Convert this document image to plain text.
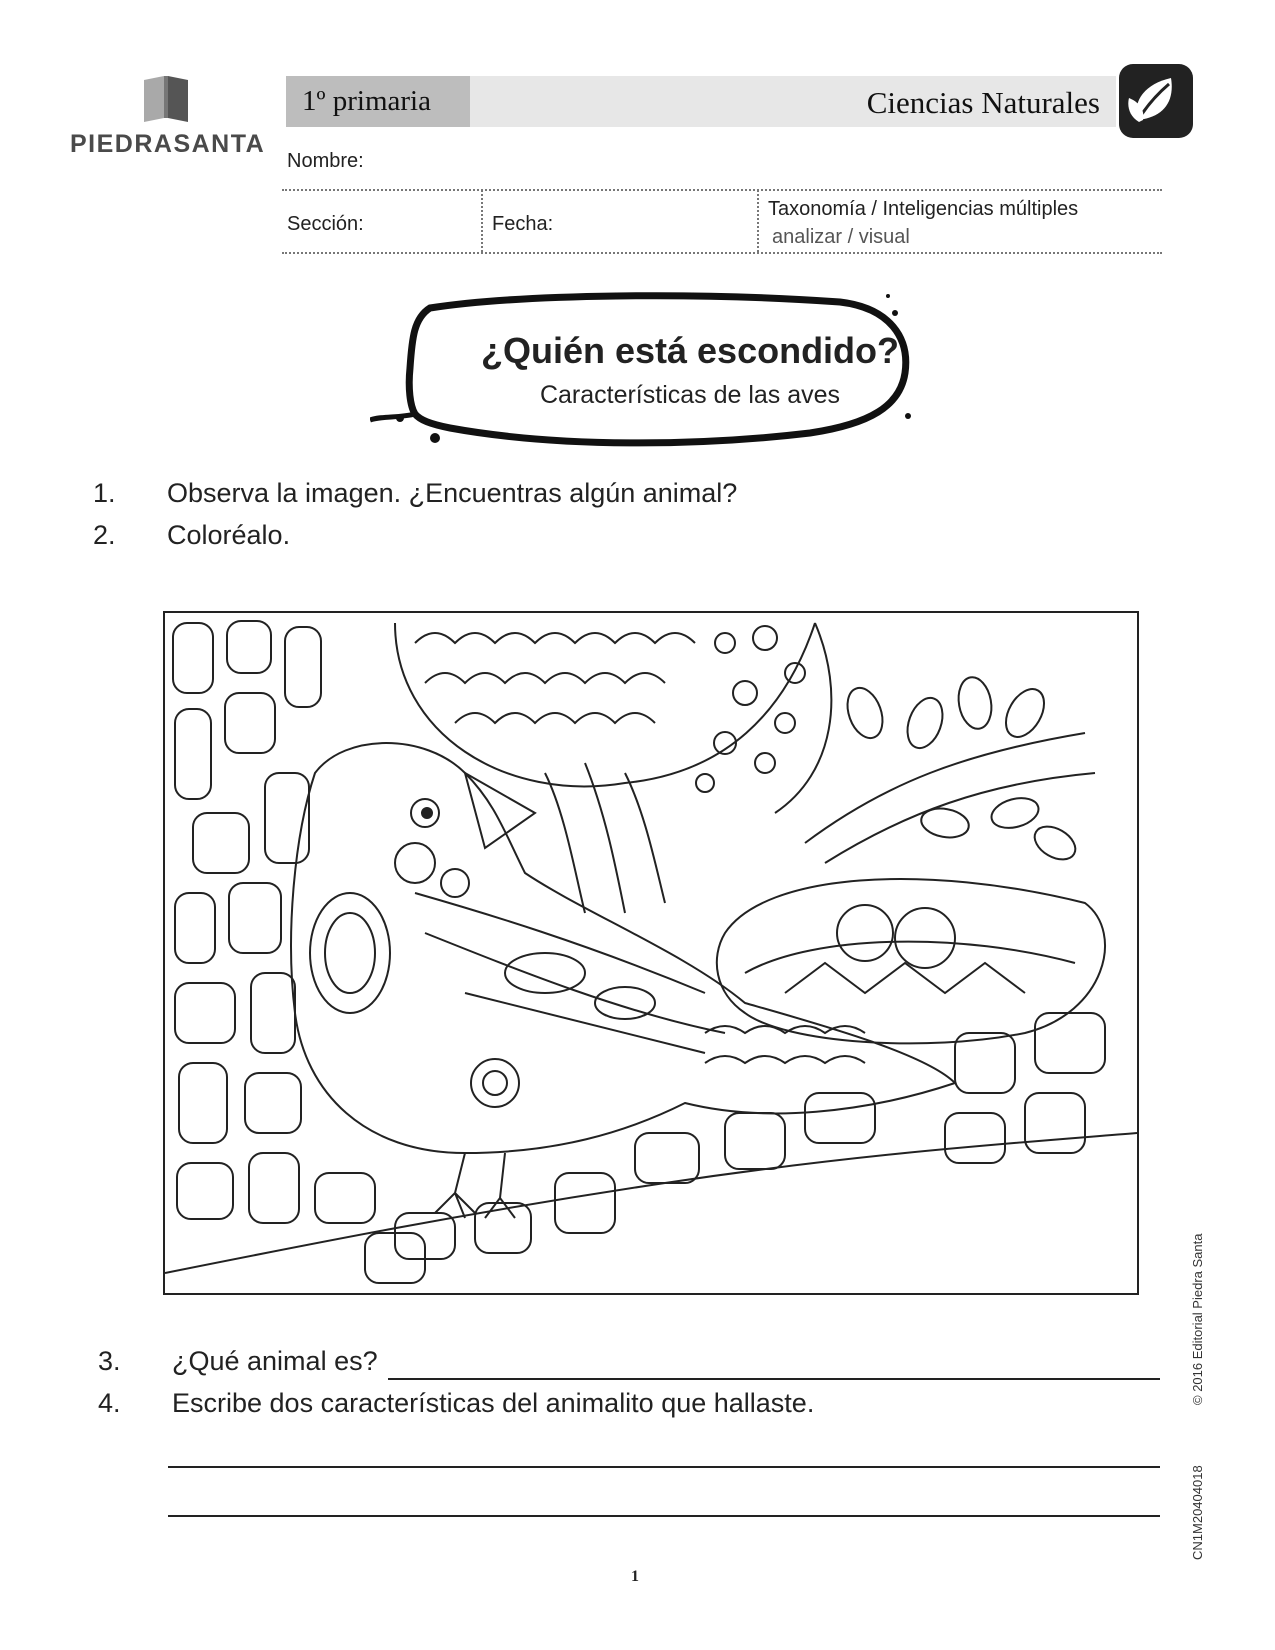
PIEDRASANTA
1º primaria	Ciencias Naturales
Nombre:
Sección:	Fecha:
Taxonomía / Inteligencias múltiples
analizar / visual
¿Quién está escondido?
Características de las aves
1. Observa la imagen. ¿Encuentras algún animal?
2. Coloréalo.
3. ¿Qué animal es?
4. Escribe dos características del animalito que hallaste.	© 2016 Editorial Piedra Santa
CN1M20404018
1
